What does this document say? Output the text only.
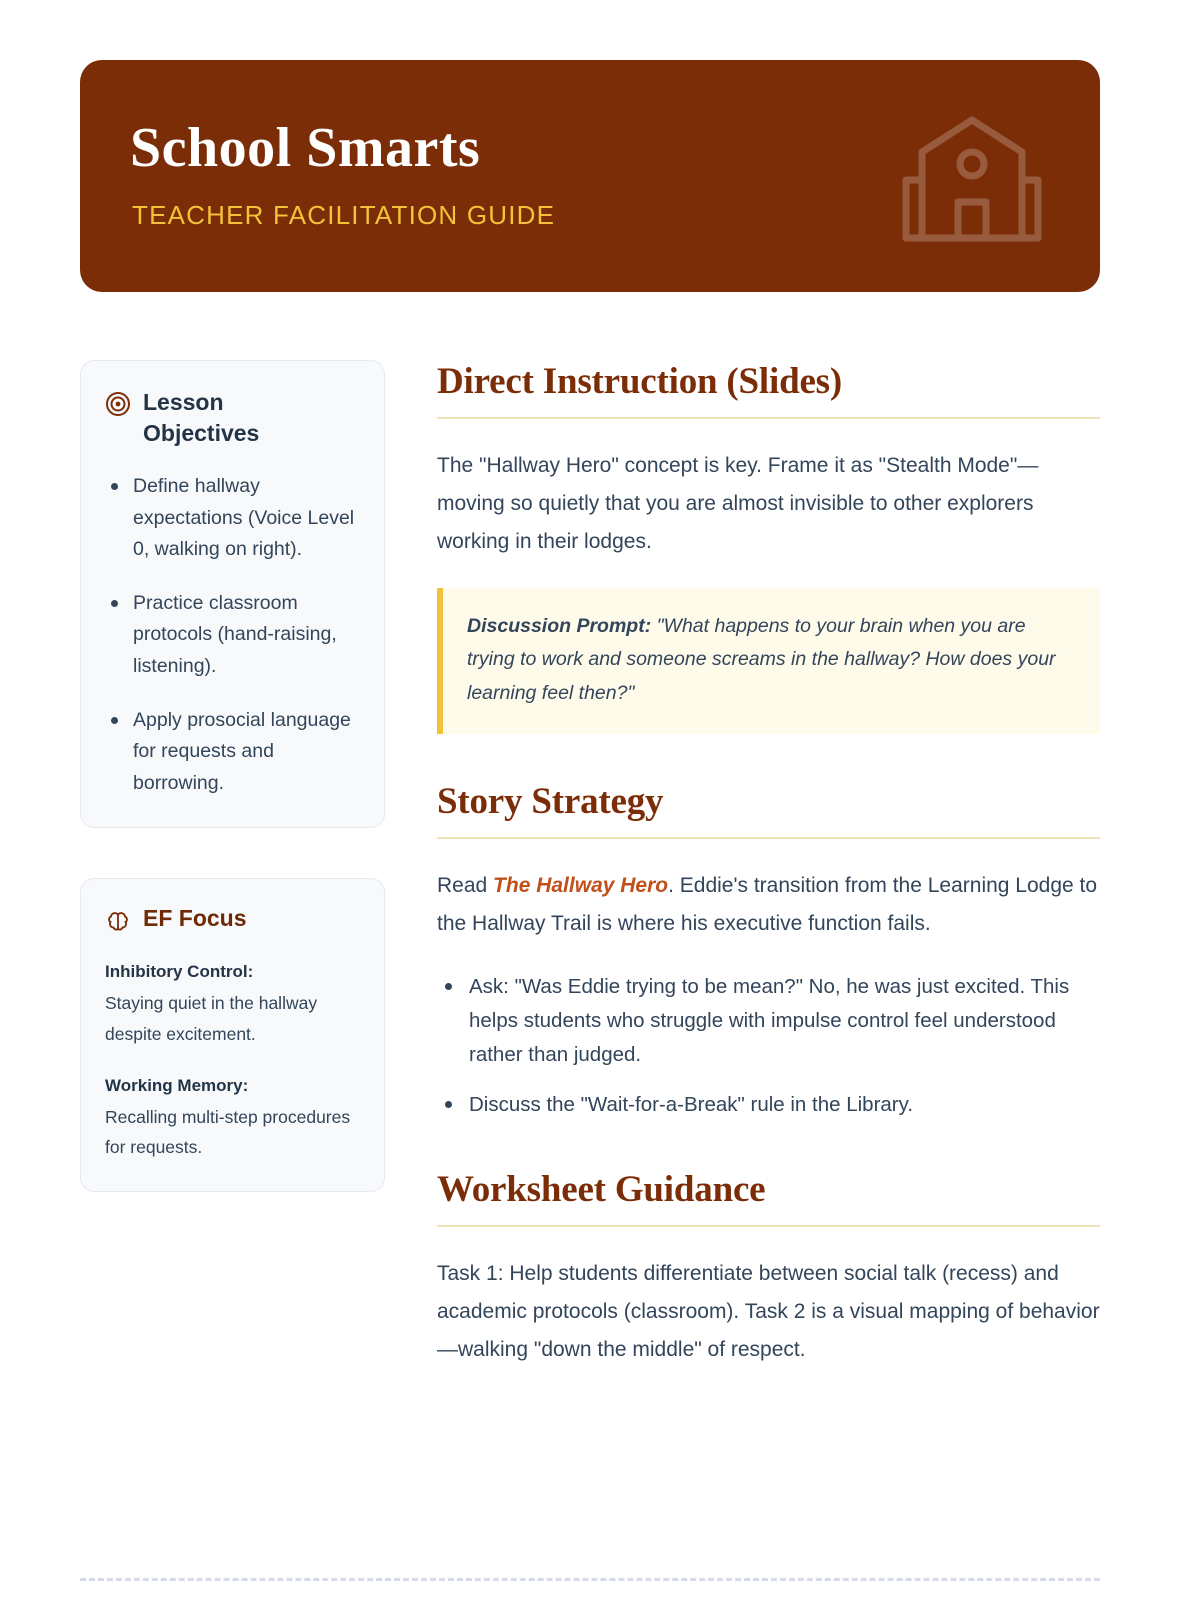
School Smarts
TEACHER FACILITATION GUIDE
Lesson Objectives
Define hallway expectations (Voice Level 0, walking on right).
Practice classroom protocols (hand-raising, listening).
Apply prosocial language for requests and borrowing.
EF Focus
Inhibitory Control:
Staying quiet in the hallway despite excitement.
Working Memory:
Recalling multi-step procedures for requests.
Direct Instruction (Slides)

The "Hallway Hero" concept is key. Frame it as "Stealth Mode"—moving so quietly that you are almost invisible to other explorers working in their lodges.

Discussion Prompt: "What happens to your brain when you are trying to work and someone screams in the hallway? How does your learning feel then?"
Story Strategy

Read The Hallway Hero. Eddie's transition from the Learning Lodge to the Hallway Trail is where his executive function fails.

Ask: "Was Eddie trying to be mean?" No, he was just excited. This helps students who struggle with impulse control feel understood rather than judged.
Discuss the "Wait-for-a-Break" rule in the Library.
Worksheet Guidance

Task 1: Help students differentiate between social talk (recess) and academic protocols (classroom). Task 2 is a visual mapping of behavior—walking "down the middle" of respect.
